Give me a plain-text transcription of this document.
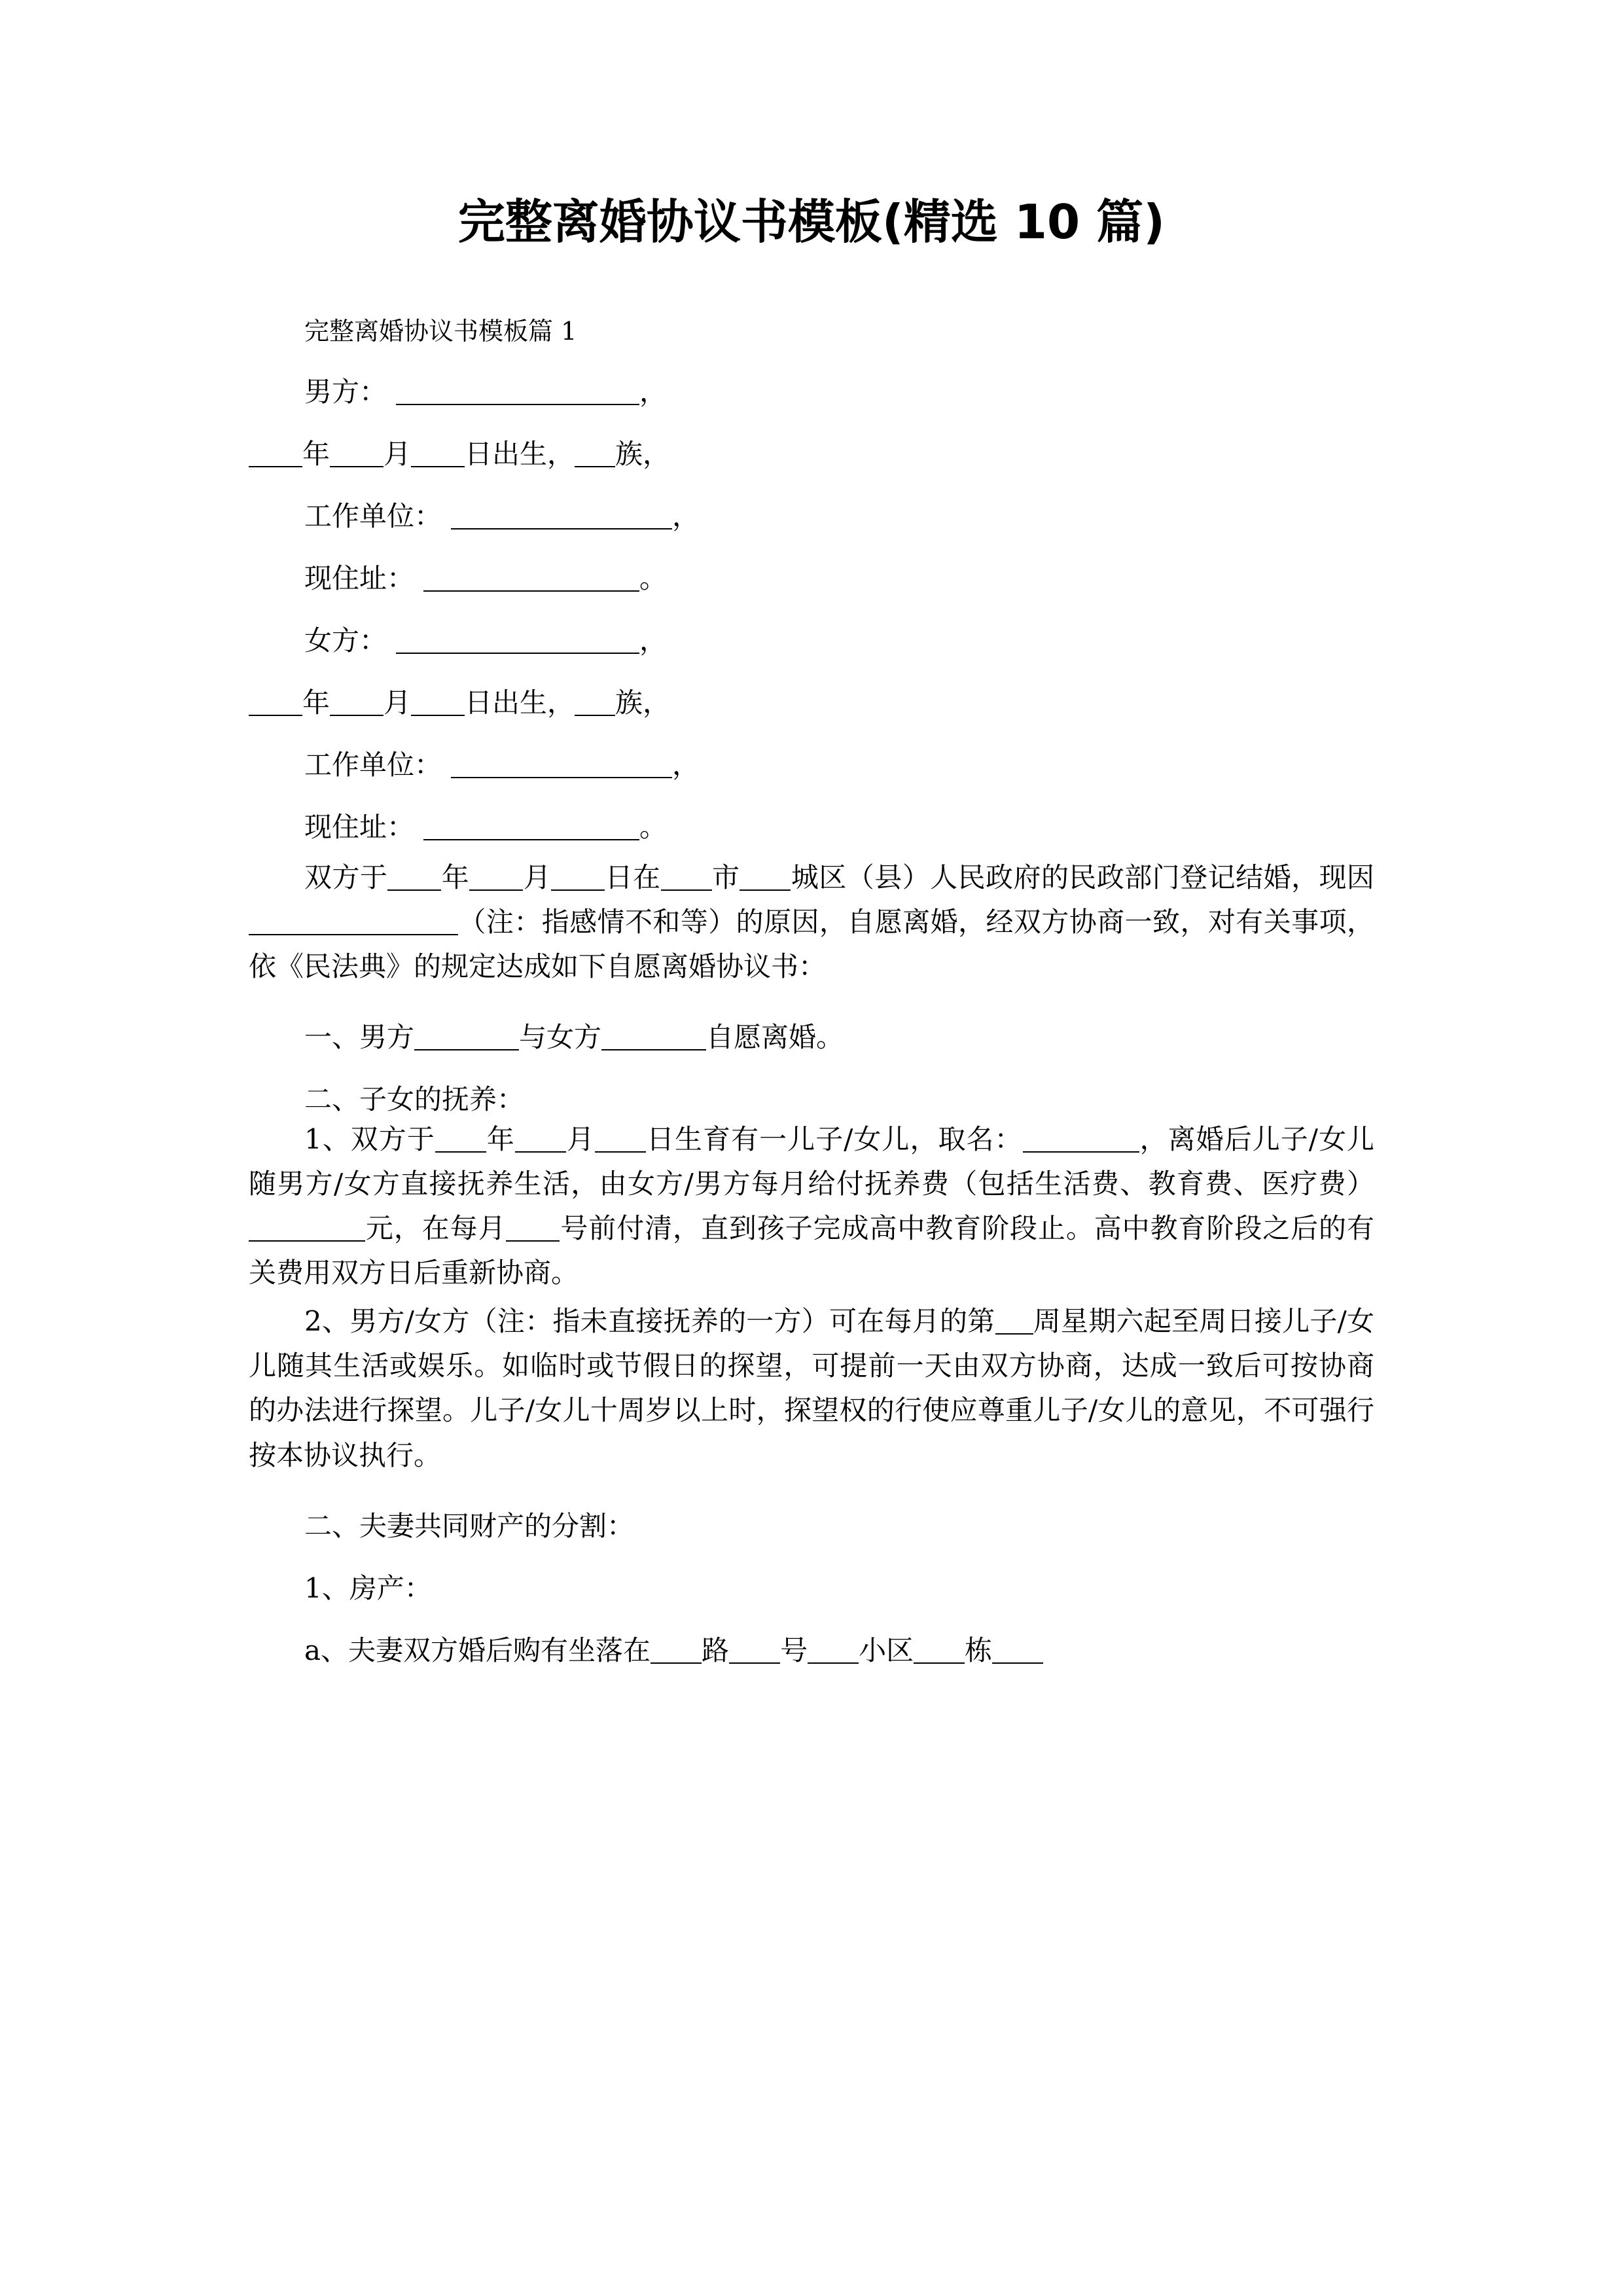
完整离婚协议书模板(精选 10 篇)
完整离婚协议书模板篇 1
男方：	，
年 月 日出生， 族，
工作单位：	，
现住址：	。
女方：	，
年 月 日出生， 族，
工作单位：	，
现住址：	。
双方于 年 月 日在 市 城区（县）人民政府的民政部门登记结婚，现因（注：指感情不和等）的原因，自愿离婚，经双方协商一致，对有关事项，依《民法典》的规定达成如下自愿离婚协议书：
一、男方	与女方	自愿离婚。
二、子女的抚养：
1、双方于 年 月 日生育有一儿子/女儿，取名：	，离婚后儿子/女儿随男方/女方直接抚养生活，由女方/男方每月给付抚养费（包括生活费、教育费、医疗费）元，在每月 号前付清，直到孩子完成高中教育阶段止。高中教育阶段之后的有关费用双方日后重新协商。
2、男方/女方（注：指未直接抚养的一方）可在每月的第 周星期六起至周日接儿子/女儿随其生活或娱乐。如临时或节假日的探望，可提前一天由双方协商，达成一致后可按协商的办法进行探望。儿子/女儿十周岁以上时，探望权的行使应尊重儿子/女儿的意见，不可强行按本协议执行。
二、夫妻共同财产的分割：
1、房产：
a、夫妻双方婚后购有坐落在 路 号 小区 栋
